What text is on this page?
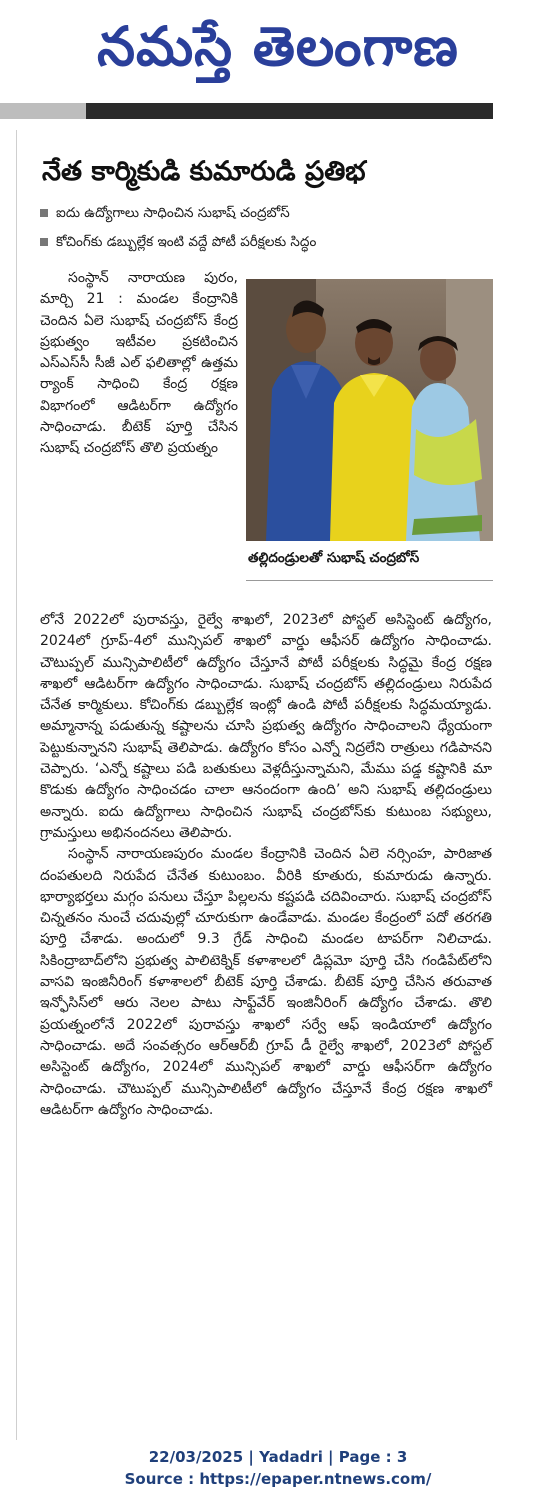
నమస్తే తెలంగాణ
నేత కార్మికుడి కుమారుడి ప్రతిభ
ఐదు ఉద్యోగాలు సాధించిన సుభాష్ చంద్రబోస్
కోచింగ్‌కు డబ్బుల్లేక ఇంటి వద్దే పోటీ పరీక్షలకు సిద్ధం
తల్లిదండ్రులతో సుభాష్ చంద్రబోస్

సంస్థాన్ నారాయణ పురం, మార్చి 21 : మండల కేంద్రానికి చెందిన ఏలె సుభాష్ చంద్రబోస్ కేంద్ర ప్రభుత్వం ఇటీవల ప్రకటించిన ఎస్ఎస్‌సీ సీజీ ఎల్ ఫలితాల్లో ఉత్తమ ర్యాంక్ సాధించి కేంద్ర రక్షణ విభాగంలో ఆడిటర్‌గా ఉద్యోగం సాధించాడు. బీటెక్ పూర్తి చేసిన సుభాష్ చంద్రబోస్ తొలి ప్రయత్నం

లోనే 2022లో పురావస్తు, రైల్వే శాఖలో, 2023లో పోస్టల్ అసిస్టెంట్ ఉద్యోగం, 2024లో గ్రూప్-4లో మున్సిపల్ శాఖలో వార్డు ఆఫీసర్ ఉద్యోగం సాధించాడు. చౌటుప్పల్ మున్సిపాలిటీలో ఉద్యోగం చేస్తూనే పోటీ పరీక్షలకు సిద్ధమై కేంద్ర రక్షణ శాఖలో ఆడిటర్‌గా ఉద్యోగం సాధించాడు. సుభాష్ చంద్రబోస్ తల్లిదండ్రులు నిరుపేద చేనేత కార్మికులు. కోచింగ్‌కు డబ్బుల్లేక ఇంట్లో ఉండి పోటీ పరీక్షలకు సిద్ధమయ్యాడు. అమ్మానాన్న పడుతున్న కష్టాలను చూసి ప్రభుత్వ ఉద్యోగం సాధించాలని ధ్యేయంగా పెట్టుకున్నానని సుభాష్ తెలిపాడు. ఉద్యోగం కోసం ఎన్నో నిద్రలేని రాత్రులు గడిపానని చెప్పారు. ‘ఎన్నో కష్టాలు పడి బతుకులు వెళ్లదీస్తున్నామని, మేము పడ్డ కష్టానికి మా కొడుకు ఉద్యోగం సాధించడం చాలా ఆనందంగా ఉంది’ అని సుభాష్ తల్లిదండ్రులు అన్నారు. ఐదు ఉద్యోగాలు సాధించిన సుభాష్ చంద్రబోస్‌కు కుటుంబ సభ్యులు, గ్రామస్తులు అభినందనలు తెలిపారు.

సంస్థాన్ నారాయణపురం మండల కేంద్రానికి చెందిన ఏలె నర్సింహ, పారిజాత దంపతులది నిరుపేద చేనేత కుటుంబం. వీరికి కూతురు, కుమారుడు ఉన్నారు. భార్యాభర్తలు మగ్గం పనులు చేస్తూ పిల్లలను కష్టపడి చదివించారు. సుభాష్ చంద్రబోస్ చిన్నతనం నుంచే చదువుల్లో చూరుకుగా ఉండేవాడు. మండల కేంద్రంలో పదో తరగతి పూర్తి చేశాడు. అందులో 9.3 గ్రేడ్ సాధించి మండల టాపర్‌గా నిలిచాడు. సికింద్రాబాద్‌లోని ప్రభుత్వ పాలిటెక్నిక్ కళాశాలలో డిప్లమో పూర్తి చేసి గండిపేట్‌లోని వాసవి ఇంజినీరింగ్ కళాశాలలో బీటెక్ పూర్తి చేశాడు. బీటెక్ పూర్తి చేసిన తరువాత ఇన్ఫోసిస్‌లో ఆరు నెలల పాటు సాఫ్ట్‌వేర్ ఇంజినీరింగ్ ఉద్యోగం చేశాడు. తొలి ప్రయత్నంలోనే 2022లో పురావస్తు శాఖలో సర్వే ఆఫ్ ఇండియాలో ఉద్యోగం సాధించాడు. అదే సంవత్సరం ఆర్ఆర్‌బీ గ్రూప్ డీ రైల్వే శాఖలో, 2023లో పోస్టల్ అసిస్టెంట్ ఉద్యోగం, 2024లో మున్సిపల్ శాఖలో వార్డు ఆఫీసర్‌గా ఉద్యోగం సాధించాడు. చౌటుప్పల్ మున్సిపాలిటీలో ఉద్యోగం చేస్తూనే కేంద్ర రక్షణ శాఖలో ఆడిటర్‌గా ఉద్యోగం సాధించాడు.

22/03/2025 | Yadadri | Page : 3
Source : https://epaper.ntnews.com/
